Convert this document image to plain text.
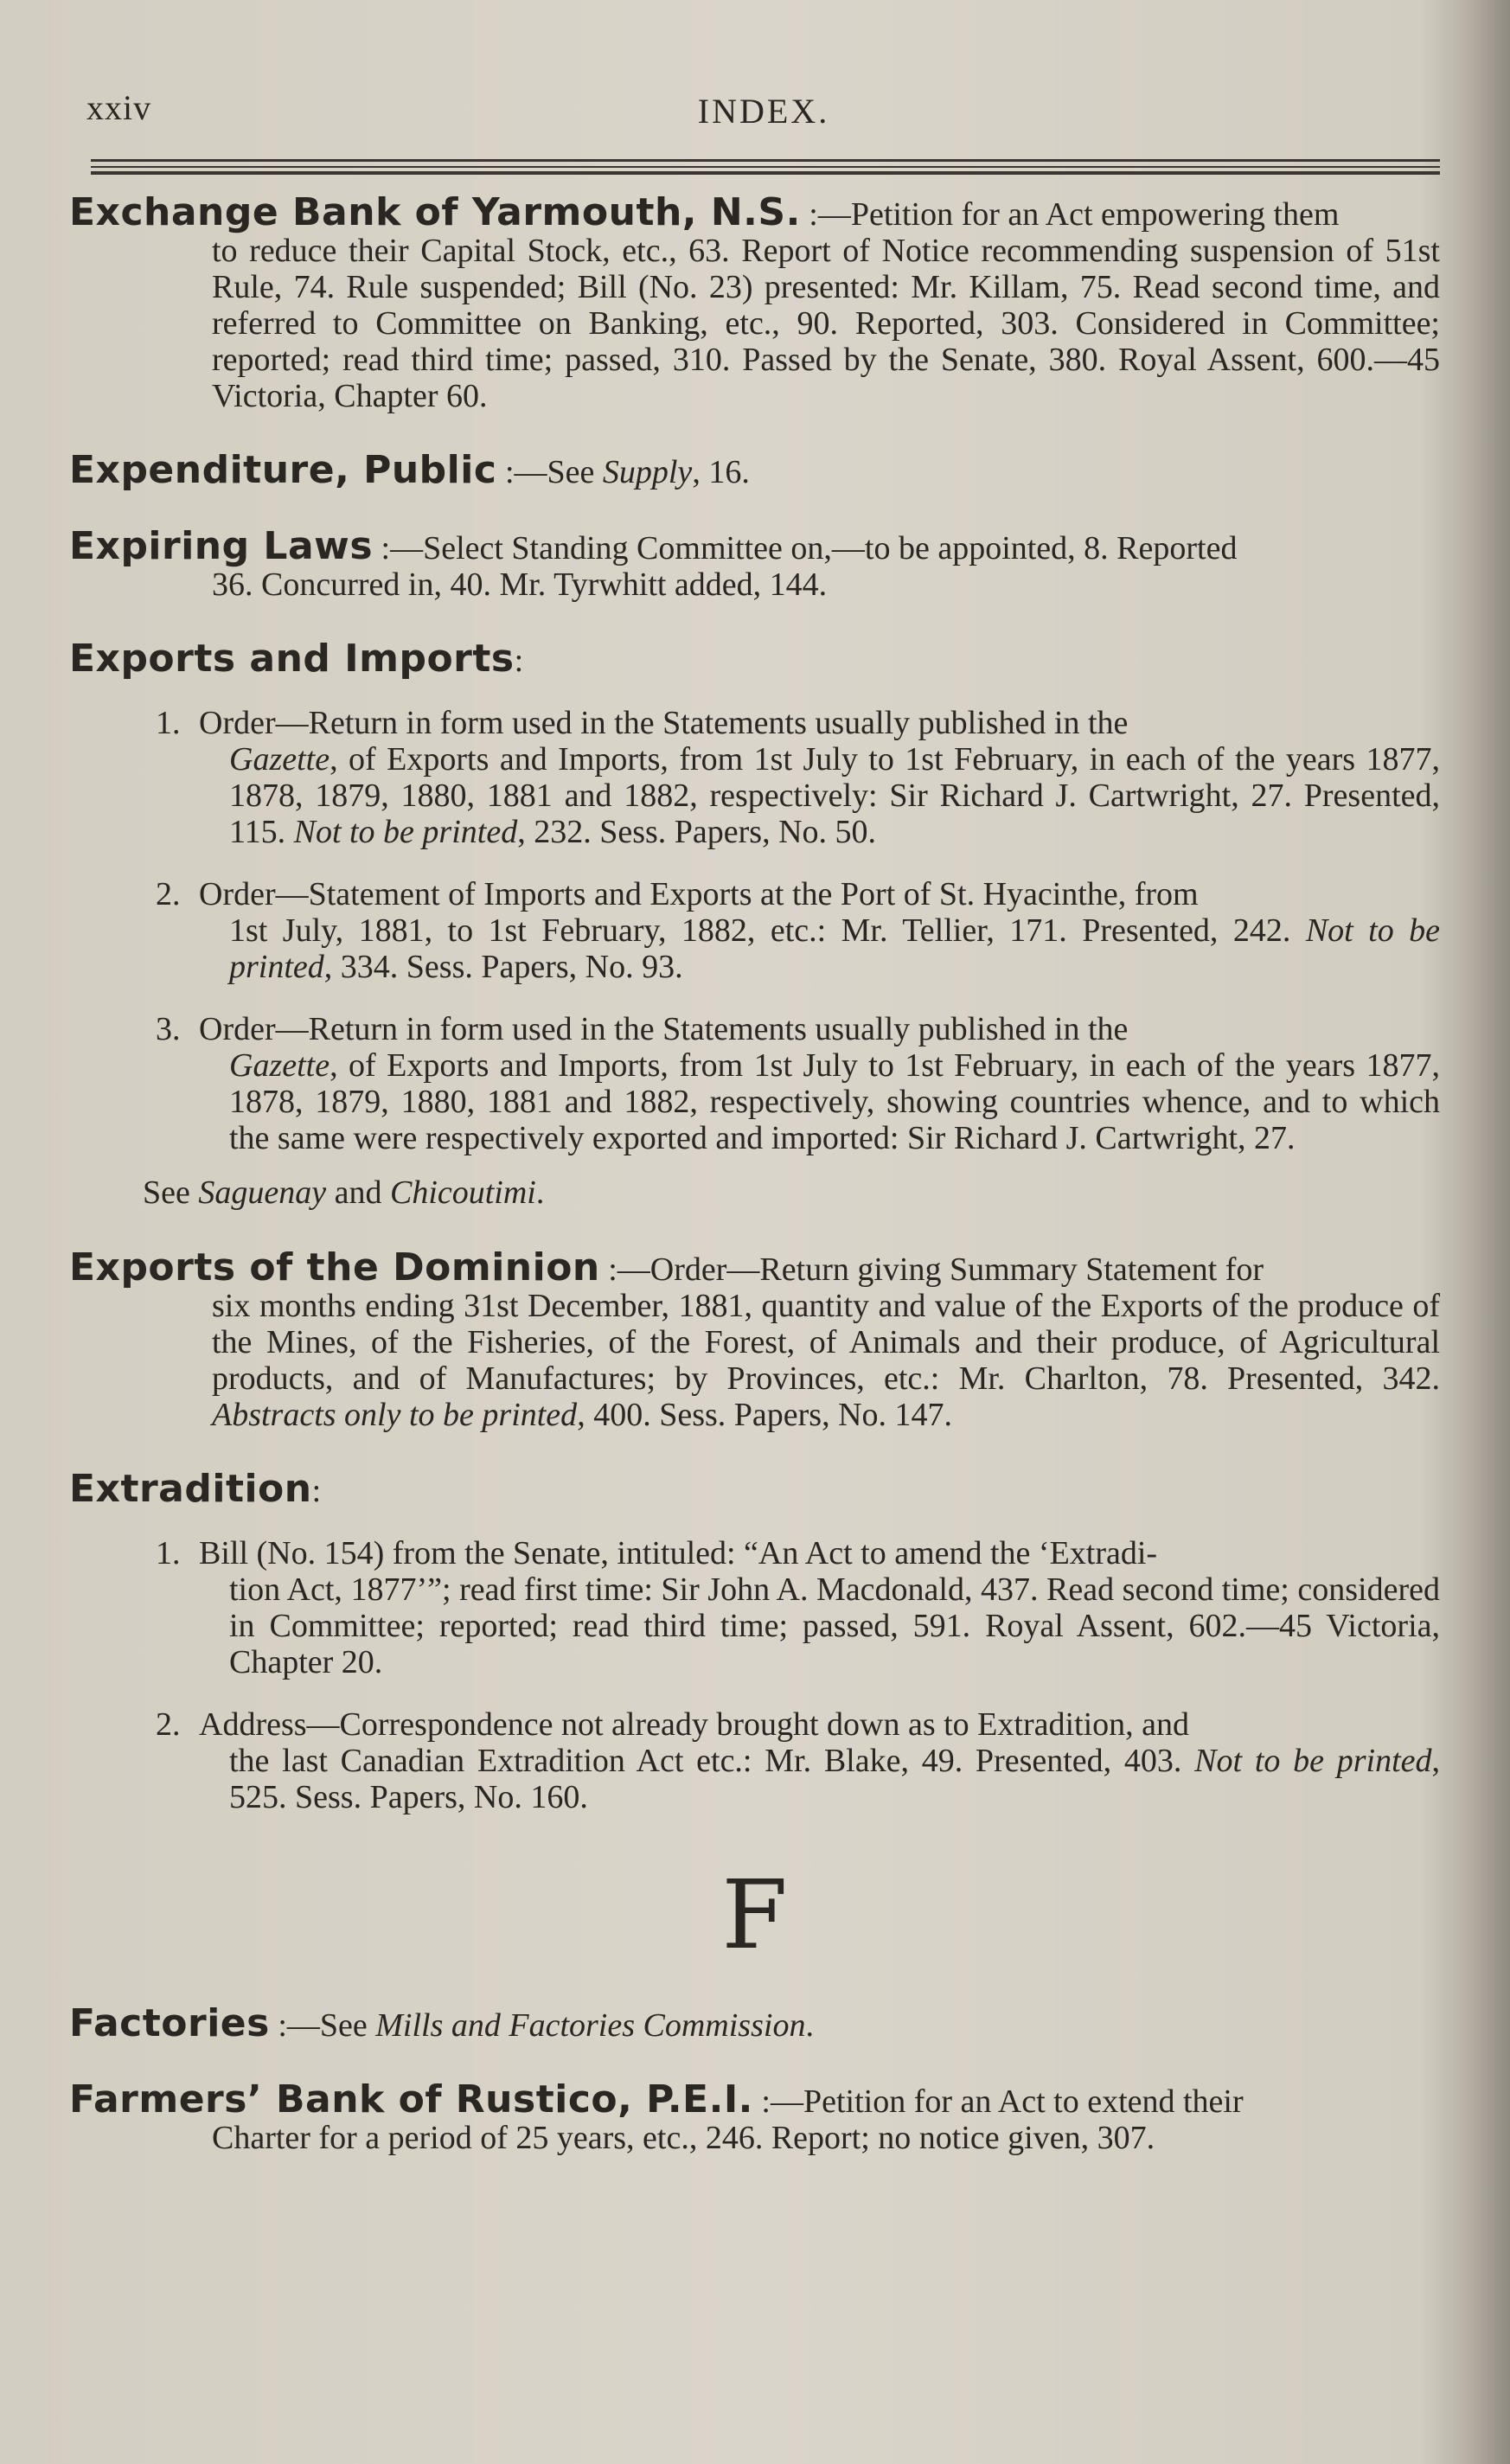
xxiv	INDEX.
Exchange Bank of Yarmouth, N.S. :—Petition for an Act empowering them
to reduce their Capital Stock, etc., 63. Report of Notice recommending suspension of 51st Rule, 74. Rule suspended; Bill (No. 23) presented: Mr. Killam, 75. Read second time, and referred to Committee on Banking, etc., 90. Reported, 303. Considered in Committee; reported; read third time; passed, 310. Passed by the Senate, 380. Royal Assent, 600.—45 Victoria, Chapter 60.
Expenditure, Public :—See Supply, 16.
Expiring Laws :—Select Standing Committee on,—to be appointed, 8. Reported
36. Concurred in, 40. Mr. Tyrwhitt added, 144.
Exports and Imports:
1. Order—Return in form used in the Statements usually published in the
Gazette, of Exports and Imports, from 1st July to 1st February, in each of the years 1877, 1878, 1879, 1880, 1881 and 1882, respectively: Sir Richard J. Cartwright, 27. Presented, 115. Not to be printed, 232. Sess. Papers, No. 50.
2. Order—Statement of Imports and Exports at the Port of St. Hyacinthe, from
1st July, 1881, to 1st February, 1882, etc.: Mr. Tellier, 171. Presented, 242. Not to be printed, 334. Sess. Papers, No. 93.
3. Order—Return in form used in the Statements usually published in the
Gazette, of Exports and Imports, from 1st July to 1st February, in each of the years 1877, 1878, 1879, 1880, 1881 and 1882, respectively, showing countries whence, and to which the same were respectively exported and imported: Sir Richard J. Cartwright, 27.
See Saguenay and Chicoutimi.
Exports of the Dominion :—Order—Return giving Summary Statement for
six months ending 31st December, 1881, quantity and value of the Exports of the produce of the Mines, of the Fisheries, of the Forest, of Animals and their produce, of Agricultural products, and of Manufactures; by Provinces, etc.: Mr. Charlton, 78. Presented, 342. Abstracts only to be printed, 400. Sess. Papers, No. 147.
Extradition:
1. Bill (No. 154) from the Senate, intituled: “An Act to amend the ‘Extradi-
tion Act, 1877’”; read first time: Sir John A. Macdonald, 437. Read second time; considered in Committee; reported; read third time; passed, 591. Royal Assent, 602.—45 Victoria, Chapter 20.
2. Address—Correspondence not already brought down as to Extradition, and
the last Canadian Extradition Act etc.: Mr. Blake, 49. Presented, 403. Not to be printed, 525. Sess. Papers, No. 160.
F
Factories :—See Mills and Factories Commission.
Farmers’ Bank of Rustico, P.E.I. :—Petition for an Act to extend their
Charter for a period of 25 years, etc., 246. Report; no notice given, 307.
